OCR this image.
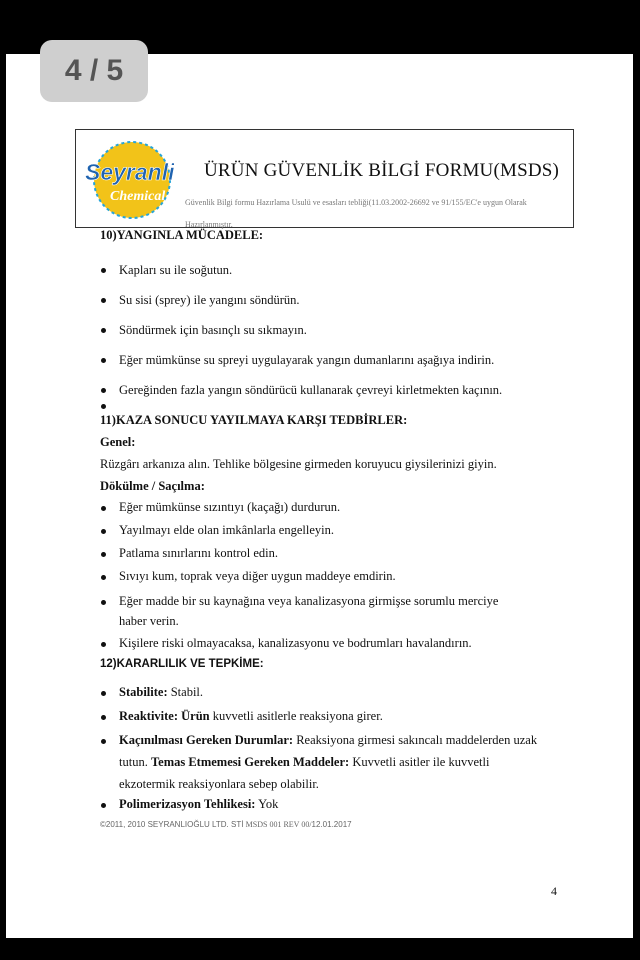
4 / 5
Seyranli
Chemical
ÜRÜN GÜVENLİK BİLGİ FORMU(MSDS)
Güvenlik Bilgi formu Hazırlama Usulü ve esasları tebliği(11.03.2002-26692 ve 91/155/EC'e uygun Olarak Hazırlanmıştır.
10)YANGINLA MÜCADELE:
Kapları su ile soğutun.
Su sisi (sprey) ile yangını söndürün.
Söndürmek için basınçlı su sıkmayın.
Eğer mümkünse su spreyi uygulayarak yangın dumanlarını aşağıya indirin.
Gereğinden fazla yangın söndürücü kullanarak çevreyi kirletmekten kaçının.
11)KAZA SONUCU YAYILMAYA KARŞI TEDBİRLER:
Genel:
Rüzgârı arkanıza alın. Tehlike bölgesine girmeden koruyucu giysilerinizi giyin.
Dökülme / Saçılma:
Eğer mümkünse sızıntıyı (kaçağı) durdurun.
Yayılmayı elde olan imkânlarla engelleyin.
Patlama sınırlarını kontrol edin.
Sıvıyı kum, toprak veya diğer uygun maddeye emdirin.
Eğer madde bir su kaynağına veya kanalizasyona girmişse sorumlu merciye
haber verin.
Kişilere riski olmayacaksa, kanalizasyonu ve bodrumları havalandırın.
12)KARARLILIK VE TEPKİME:
Stabilite: Stabil.
Reaktivite: Ürün kuvvetli asitlerle reaksiyona girer.
Kaçınılması Gereken Durumlar: Reaksiyona girmesi sakıncalı maddelerden uzak
tutun. Temas Etmemesi Gereken Maddeler: Kuvvetli asitler ile kuvvetli
ekzotermik reaksiyonlara sebep olabilir.
Polimerizasyon Tehlikesi: Yok
©2011, 2010 SEYRANLIOĞLU LTD. STİ MSDS 001 REV 00/12.01.2017
4
